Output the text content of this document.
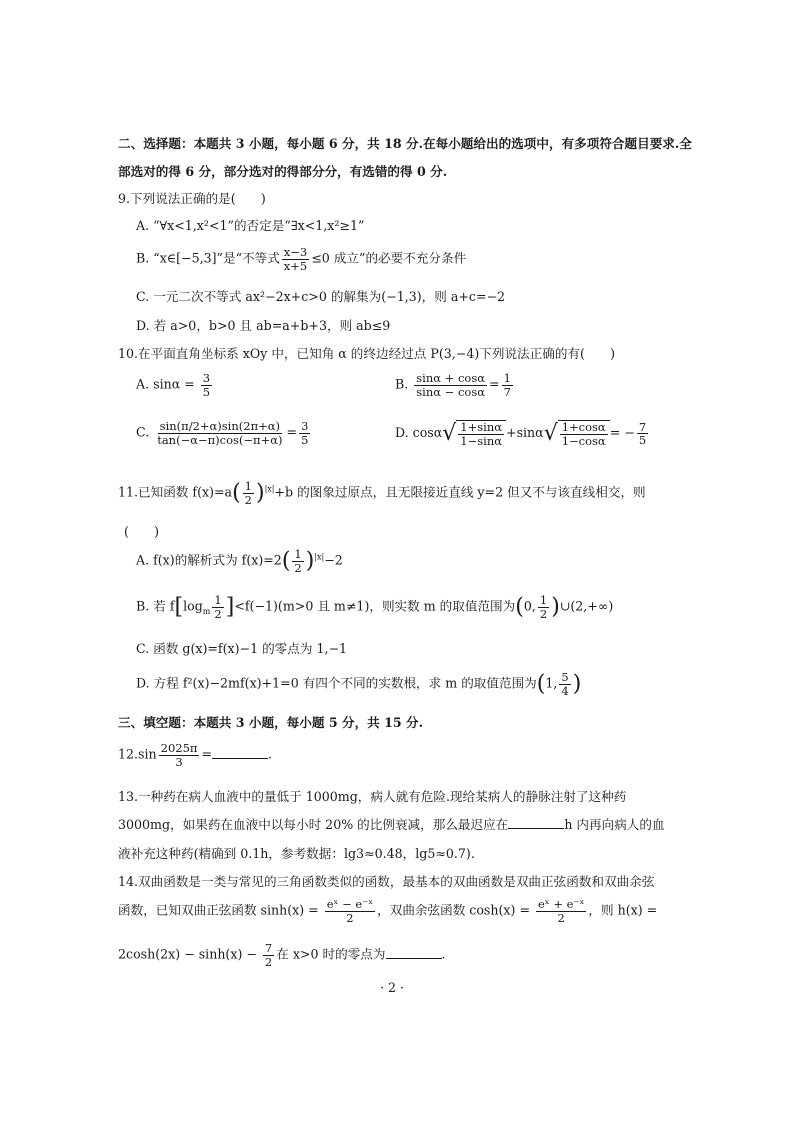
二、选择题：本题共 3 小题，每小题 6 分，共 18 分.在每小题给出的选项中，有多项符合题目要求.全
部选对的得 6 分，部分选对的得部分分，有选错的得 0 分.
9.下列说法正确的是(　　)
A. “∀x<1,x²<1”的否定是“∃x<1,x²≥1”
B. “x∈[−5,3]”是“不等式 $\frac{x-3}{x+5} \le 0$ 成立”的必要不充分条件
C. 一元二次不等式 ax²−2x+c>0 的解集为(−1,3)，则 a+c=−2
D. 若 a>0，b>0 且 ab=a+b+3，则 ab≤9
10.在平面直角坐标系 xOy 中，已知角 α 的终边经过点 P(3,−4)下列说法正确的有(　　)
A. $\sin\alpha = \frac{3}{5}$	B. $\frac{\sin\alpha + \cos\alpha}{\sin\alpha - \cos\alpha} = \frac{1}{7}$
C. $\frac{\sin(\pi/2+\alpha)\sin(2\pi+\alpha)}{\tan(-\alpha-\pi)\cos(-\pi+\alpha)} = \frac{3}{5}$	D. $\cos\alpha√ \frac{1+\sin\alpha}{1-\sin\alpha} +\sin\alpha√ \frac{1+\cos\alpha}{1-\cos\alpha}$ = − $\frac{7}{5}$
11.已知函数 $f(x)=a( \frac{1}{2} )^{|x|}+b$ 的图象过原点，且无限接近直线 y=2 但又不与该直线相交，则
(　　)
A. f(x)的解析式为 $f(x)=2( \frac{1}{2} )^{|x|}-2$
B. 若 $f[\log_m \frac{1}{2} ]<f(-1)(m>0$ 且 m≠1)，则实数 m 的取值范围为(0, $\frac{1}{2}$ )∪(2,+∞)
C. 函数 g(x)=f(x)−1 的零点为 1,−1
D. 方程 f²(x)−2mf(x)+1=0 有四个不同的实数根，求 m 的取值范围为(1, $\frac{5}{4}$ )
三、填空题：本题共 3 小题，每小题 5 分，共 15 分.
$12.\sin \frac{2025\pi}{3}$ =	.
13.一种药在病人血液中的量低于 1000mg，病人就有危险.现给某病人的静脉注射了这种药
3000mg，如果药在血液中以每小时 20% 的比例衰减，那么最迟应在	h 内再向病人的血
液补充这种药(精确到 0.1h，参考数据：lg3≈0.48，lg5≈0.7).
14.双曲函数是一类与常见的三角函数类似的函数，最基本的双曲函数是双曲正弦函数和双曲余弦
函数，已知双曲正弦函数 $\sinh(x) = \frac{\text{eˣ − e⁻ˣ}}{2}$ ，双曲余弦函数 $\cosh(x) = \frac{\text{eˣ + e⁻ˣ}}{2}$ ，则 h(x) =
$2\cosh(2x) - \sinh(x) - \frac{7}{2}$ 在 x>0 时的零点为	.
· 2 ·
